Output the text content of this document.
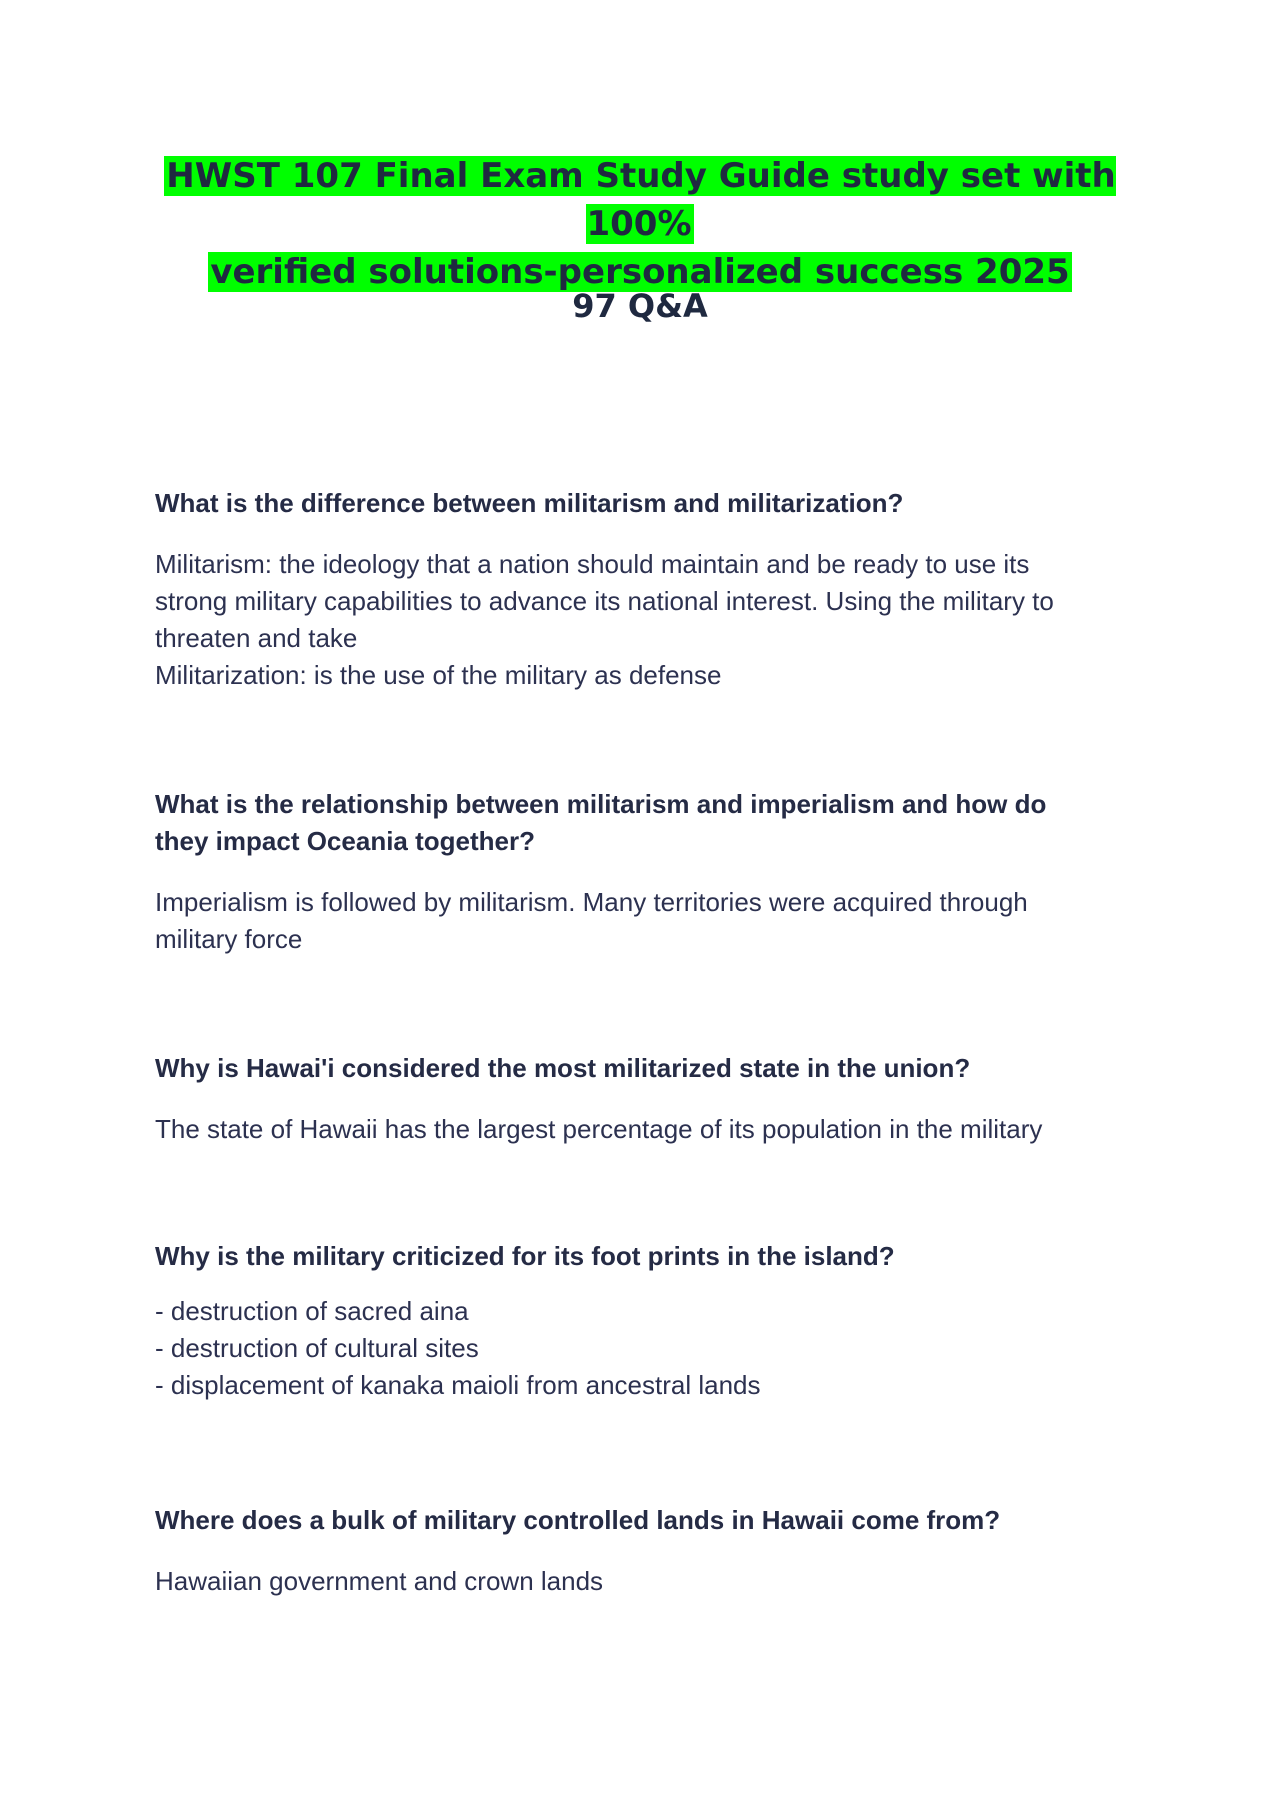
HWST 107 Final Exam Study Guide study set with 100%
verified solutions-personalized success 2025
97 Q&A

What is the difference between militarism and militarization?

Militarism: the ideology that a nation should maintain and be ready to use its
strong military capabilities to advance its national interest. Using the military to
threaten and take
Militarization: is the use of the military as defense

What is the relationship between militarism and imperialism and how do
they impact Oceania together?

Imperialism is followed by militarism. Many territories were acquired through
military force

Why is Hawai'i considered the most militarized state in the union?

The state of Hawaii has the largest percentage of its population in the military

Why is the military criticized for its foot prints in the island?

- destruction of sacred aina
- destruction of cultural sites
- displacement of kanaka maioli from ancestral lands

Where does a bulk of military controlled lands in Hawaii come from?

Hawaiian government and crown lands
